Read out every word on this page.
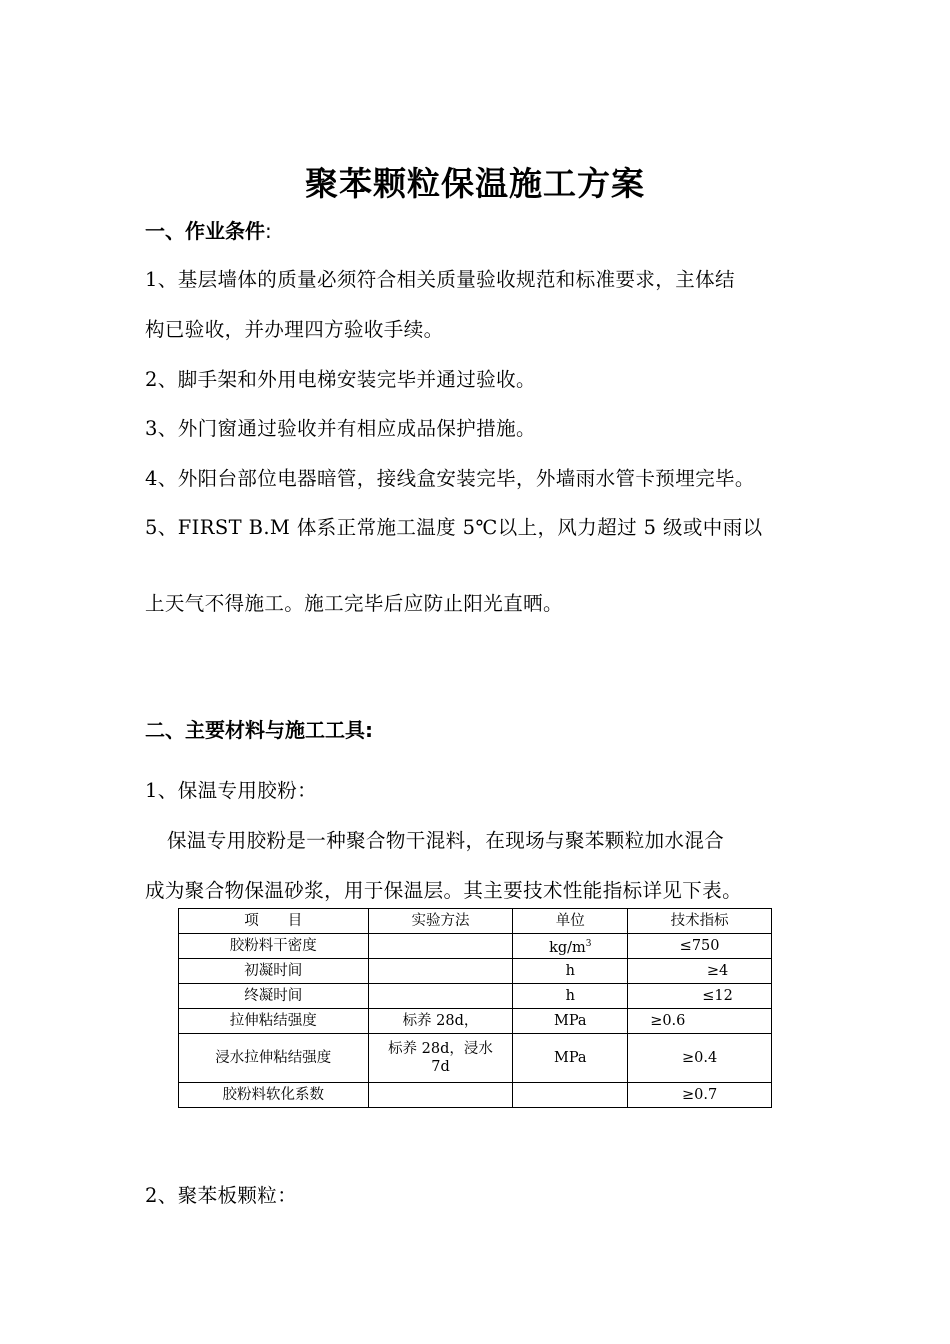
聚苯颗粒保温施工方案
一、作业条件:
1、基层墙体的质量必须符合相关质量验收规范和标准要求，主体结
构已验收，并办理四方验收手续。
2、脚手架和外用电梯安装完毕并通过验收。
3、外门窗通过验收并有相应成品保护措施。
4、外阳台部位电器暗管，接线盒安装完毕，外墙雨水管卡预埋完毕。
5、FIRST B.M 体系正常施工温度 5℃以上，风力超过 5 级或中雨以
上天气不得施工。施工完毕后应防止阳光直晒。
二、主要材料与施工工具:
1、保温专用胶粉：
保温专用胶粉是一种聚合物干混料，在现场与聚苯颗粒加水混合
成为聚合物保温砂浆，用于保温层。其主要技术性能指标详见下表。
项　　目	实验方法	单位	技术指标
胶粉料干密度		$kg/m^3$	≤750
初凝时间		h	≥4
终凝时间		h	≤12
拉伸粘结强度	标养 28d，	MPa	≥0.6
浸水拉伸粘结强度	标养 28d，浸水 7d	MPa	≥0.4
胶粉料软化系数			≥0.7
2、聚苯板颗粒：
